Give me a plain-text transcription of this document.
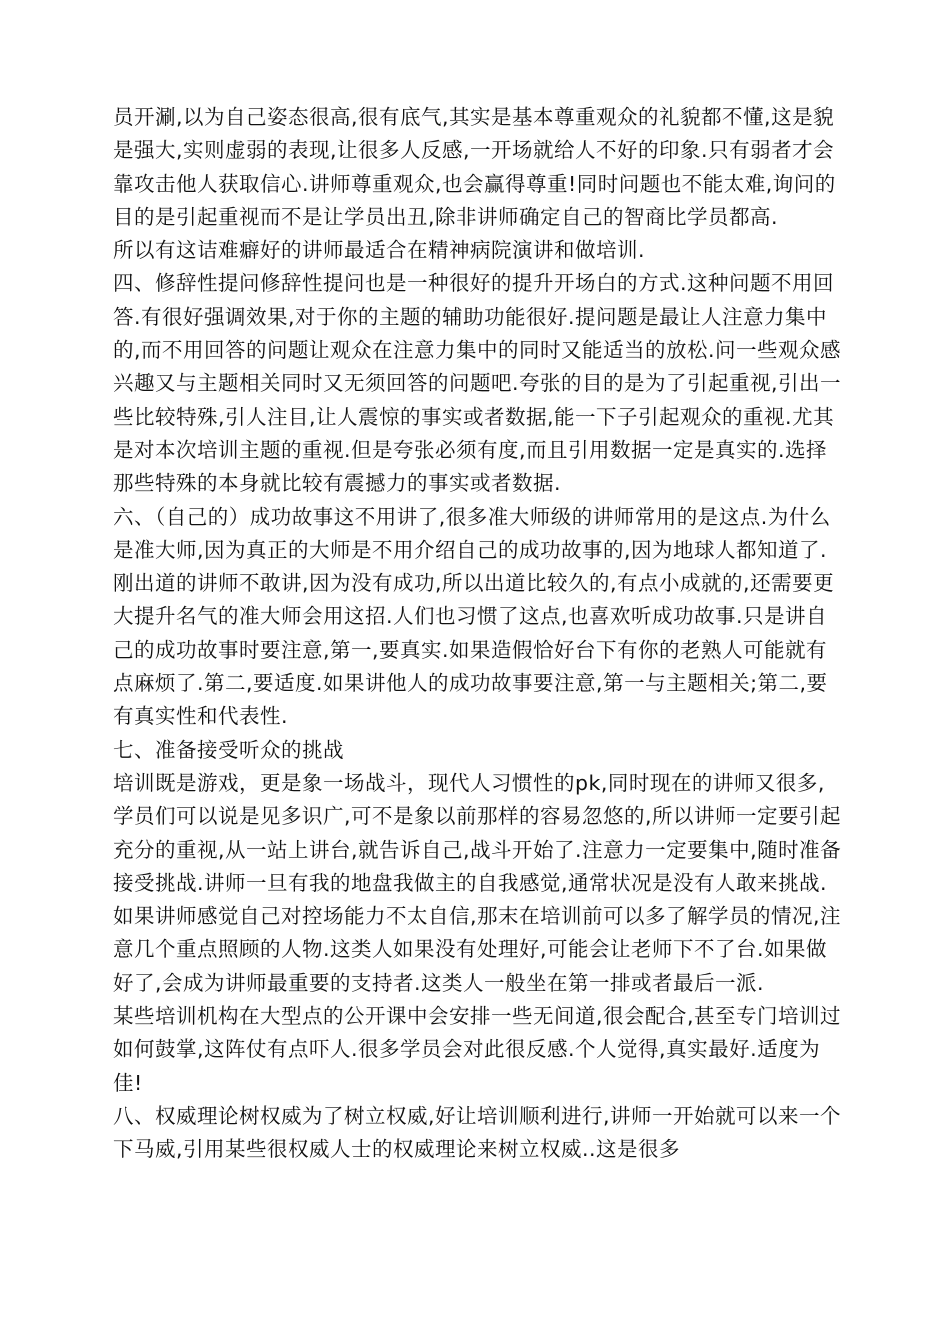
员开涮,以为自己姿态很高,很有底气,其实是基本尊重观众的礼貌都不懂,这是貌是强大,实则虚弱的表现,让很多人反感,一开场就给人不好的印象.只有弱者才会靠攻击他人获取信心.讲师尊重观众,也会赢得尊重!同时问题也不能太难,询问的目的是引起重视而不是让学员出丑,除非讲师确定自己的智商比学员都高.

所以有这诘难癖好的讲师最适合在精神病院演讲和做培训.

四、修辞性提问修辞性提问也是一种很好的提升开场白的方式.这种问题不用回答.有很好强调效果,对于你的主题的辅助功能很好.提问题是最让人注意力集中的,而不用回答的问题让观众在注意力集中的同时又能适当的放松.问一些观众感兴趣又与主题相关同时又无须回答的问题吧.夸张的目的是为了引起重视,引出一些比较特殊,引人注目,让人震惊的事实或者数据,能一下子引起观众的重视.尤其是对本次培训主题的重视.但是夸张必须有度,而且引用数据一定是真实的.选择那些特殊的本身就比较有震撼力的事实或者数据.

六、（自己的）成功故事这不用讲了,很多准大师级的讲师常用的是这点.为什么是准大师,因为真正的大师是不用介绍自己的成功故事的,因为地球人都知道了.刚出道的讲师不敢讲,因为没有成功,所以出道比较久的,有点小成就的,还需要更大提升名气的准大师会用这招.人们也习惯了这点,也喜欢听成功故事.只是讲自己的成功故事时要注意,第一,要真实.如果造假恰好台下有你的老熟人可能就有点麻烦了.第二,要适度.如果讲他人的成功故事要注意,第一与主题相关;第二,要有真实性和代表性.

七、准备接受听众的挑战

培训既是游戏，更是象一场战斗，现代人习惯性的pk,同时现在的讲师又很多,学员们可以说是见多识广,可不是象以前那样的容易忽悠的,所以讲师一定要引起充分的重视,从一站上讲台,就告诉自己,战斗开始了.注意力一定要集中,随时准备接受挑战.讲师一旦有我的地盘我做主的自我感觉,通常状况是没有人敢来挑战.

如果讲师感觉自己对控场能力不太自信,那末在培训前可以多了解学员的情况,注意几个重点照顾的人物.这类人如果没有处理好,可能会让老师下不了台.如果做好了,会成为讲师最重要的支持者.这类人一般坐在第一排或者最后一派.

某些培训机构在大型点的公开课中会安排一些无间道,很会配合,甚至专门培训过如何鼓掌,这阵仗有点吓人.很多学员会对此很反感.个人觉得,真实最好.适度为佳!

八、权威理论树权威为了树立权威,好让培训顺利进行,讲师一开始就可以来一个下马威,引用某些很权威人士的权威理论来树立权威..这是很多
